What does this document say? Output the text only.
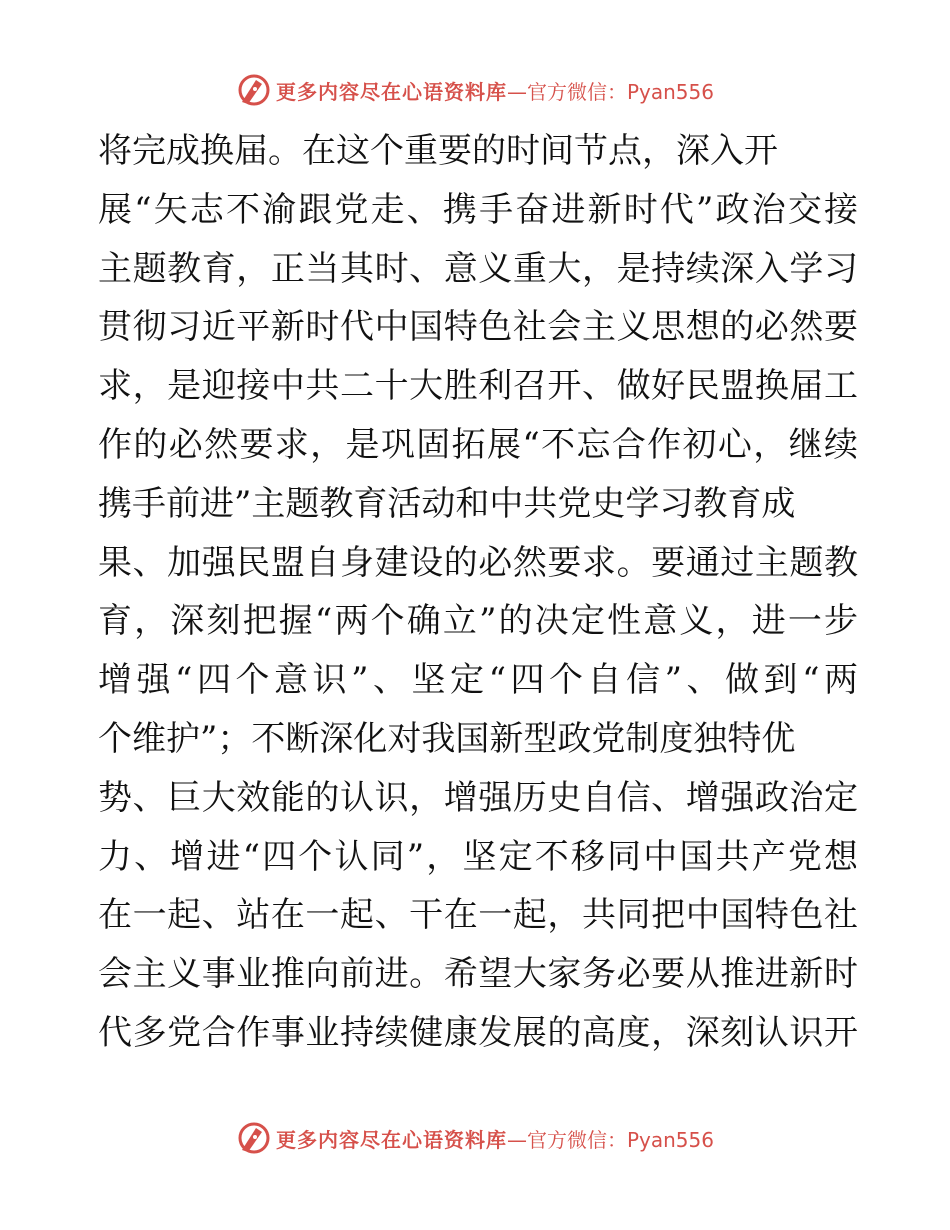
更多内容尽在心语资料库 — 官方微信：Pyan556
将完成换届。在这个重要的时间节点，深入开
展“矢志不渝跟党走、携手奋进新时代”政治交接
主题教育，正当其时、意义重大，是持续深入学习
贯彻习近平新时代中国特色社会主义思想的必然要
求，是迎接中共二十大胜利召开、做好民盟换届工
作的必然要求，是巩固拓展“不忘合作初心，继续
携手前进”主题教育活动和中共党史学习教育成
果、加强民盟自身建设的必然要求。要通过主题教
育，深刻把握“两个确立”的决定性意义，进一步
增强“四个意识”、坚定“四个自信”、做到“两
个维护”；不断深化对我国新型政党制度独特优
势、巨大效能的认识，增强历史自信、增强政治定
力、增进“四个认同”，坚定不移同中国共产党想
在一起、站在一起、干在一起，共同把中国特色社
会主义事业推向前进。希望大家务必要从推进新时
代多党合作事业持续健康发展的高度，深刻认识开
更多内容尽在心语资料库 — 官方微信：Pyan556
